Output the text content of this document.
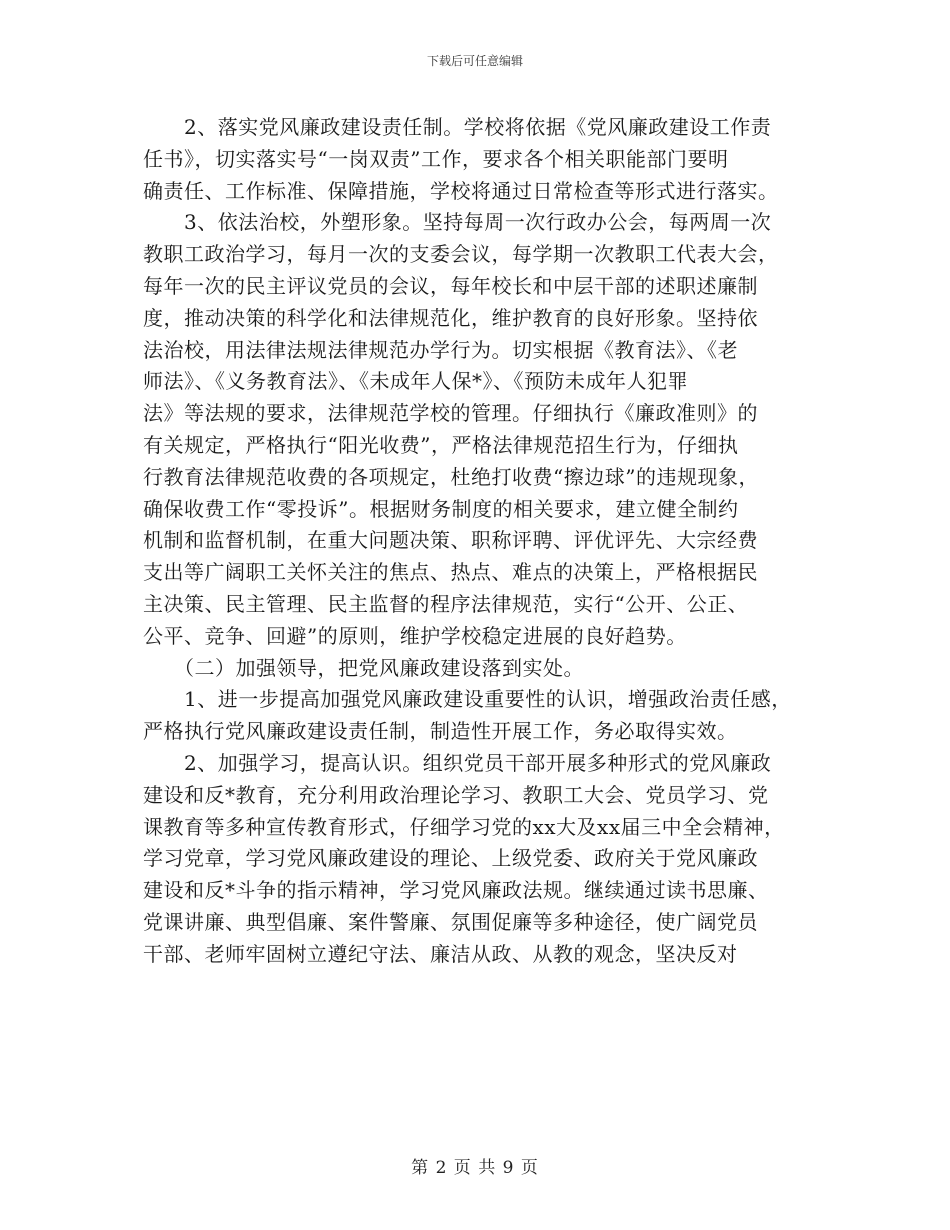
下载后可任意编辑
　　2、落实党风廉政建设责任制。学校将依据《党风廉政建设工作责
任书》，切实落实号“一岗双责”工作，要求各个相关职能部门要明
确责任、工作标准、保障措施，学校将通过日常检查等形式进行落实。
　　3、依法治校，外塑形象。坚持每周一次行政办公会，每两周一次
教职工政治学习，每月一次的支委会议，每学期一次教职工代表大会，
每年一次的民主评议党员的会议，每年校长和中层干部的述职述廉制
度，推动决策的科学化和法律规范化，维护教育的良好形象。坚持依
法治校，用法律法规法律规范办学行为。切实根据《教育法》、《老
师法》、《义务教育法》、《未成年人保*》、《预防未成年人犯罪
法》等法规的要求，法律规范学校的管理。仔细执行《廉政准则》的
有关规定，严格执行“阳光收费”，严格法律规范招生行为，仔细执
行教育法律规范收费的各项规定，杜绝打收费“擦边球”的违规现象，
确保收费工作“零投诉”。根据财务制度的相关要求，建立健全制约
机制和监督机制，在重大问题决策、职称评聘、评优评先、大宗经费
支出等广阔职工关怀关注的焦点、热点、难点的决策上，严格根据民
主决策、民主管理、民主监督的程序法律规范，实行“公开、公正、
公平、竞争、回避”的原则，维护学校稳定进展的良好趋势。
　　（二）加强领导，把党风廉政建设落到实处。
　　1、进一步提高加强党风廉政建设重要性的认识，增强政治责任感，
严格执行党风廉政建设责任制，制造性开展工作，务必取得实效。
　　2、加强学习，提高认识。组织党员干部开展多种形式的党风廉政
建设和反*教育，充分利用政治理论学习、教职工大会、党员学习、党
课教育等多种宣传教育形式，仔细学习党的xx大及xx届三中全会精神，
学习党章，学习党风廉政建设的理论、上级党委、政府关于党风廉政
建设和反*斗争的指示精神，学习党风廉政法规。继续通过读书思廉、
党课讲廉、典型倡廉、案件警廉、氛围促廉等多种途径，使广阔党员
干部、老师牢固树立遵纪守法、廉洁从政、从教的观念，坚决反对
第 2 页 共 9 页
